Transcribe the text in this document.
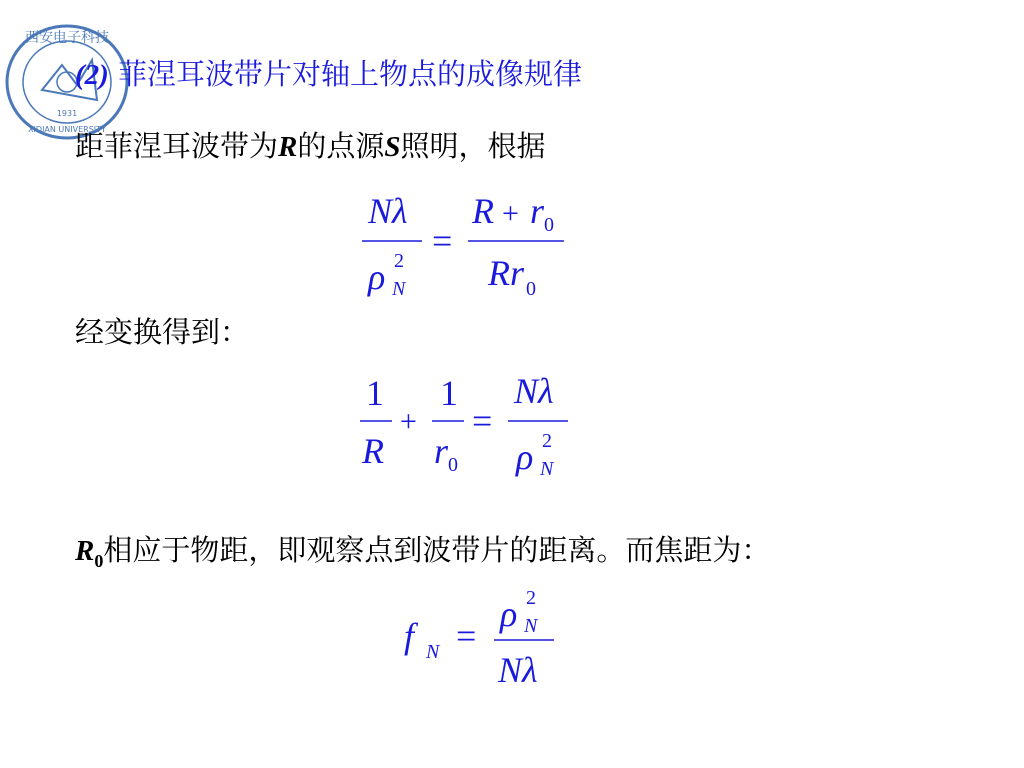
西安电子科技
XIDIAN UNIVERSITY
1931
(2) 菲涅耳波带片对轴上物点的成像规律
距菲涅耳波带为R的点源S照明，根据
Nλ
ρ 2
N
=
R + r 0
Rr 0
经变换得到：
1
R
+
1
r 0
=
Nλ
ρ 2
N
$R_0$相应于物距，即观察点到波带片的距离。而焦距为：
f N =
ρ 2
N
Nλ
